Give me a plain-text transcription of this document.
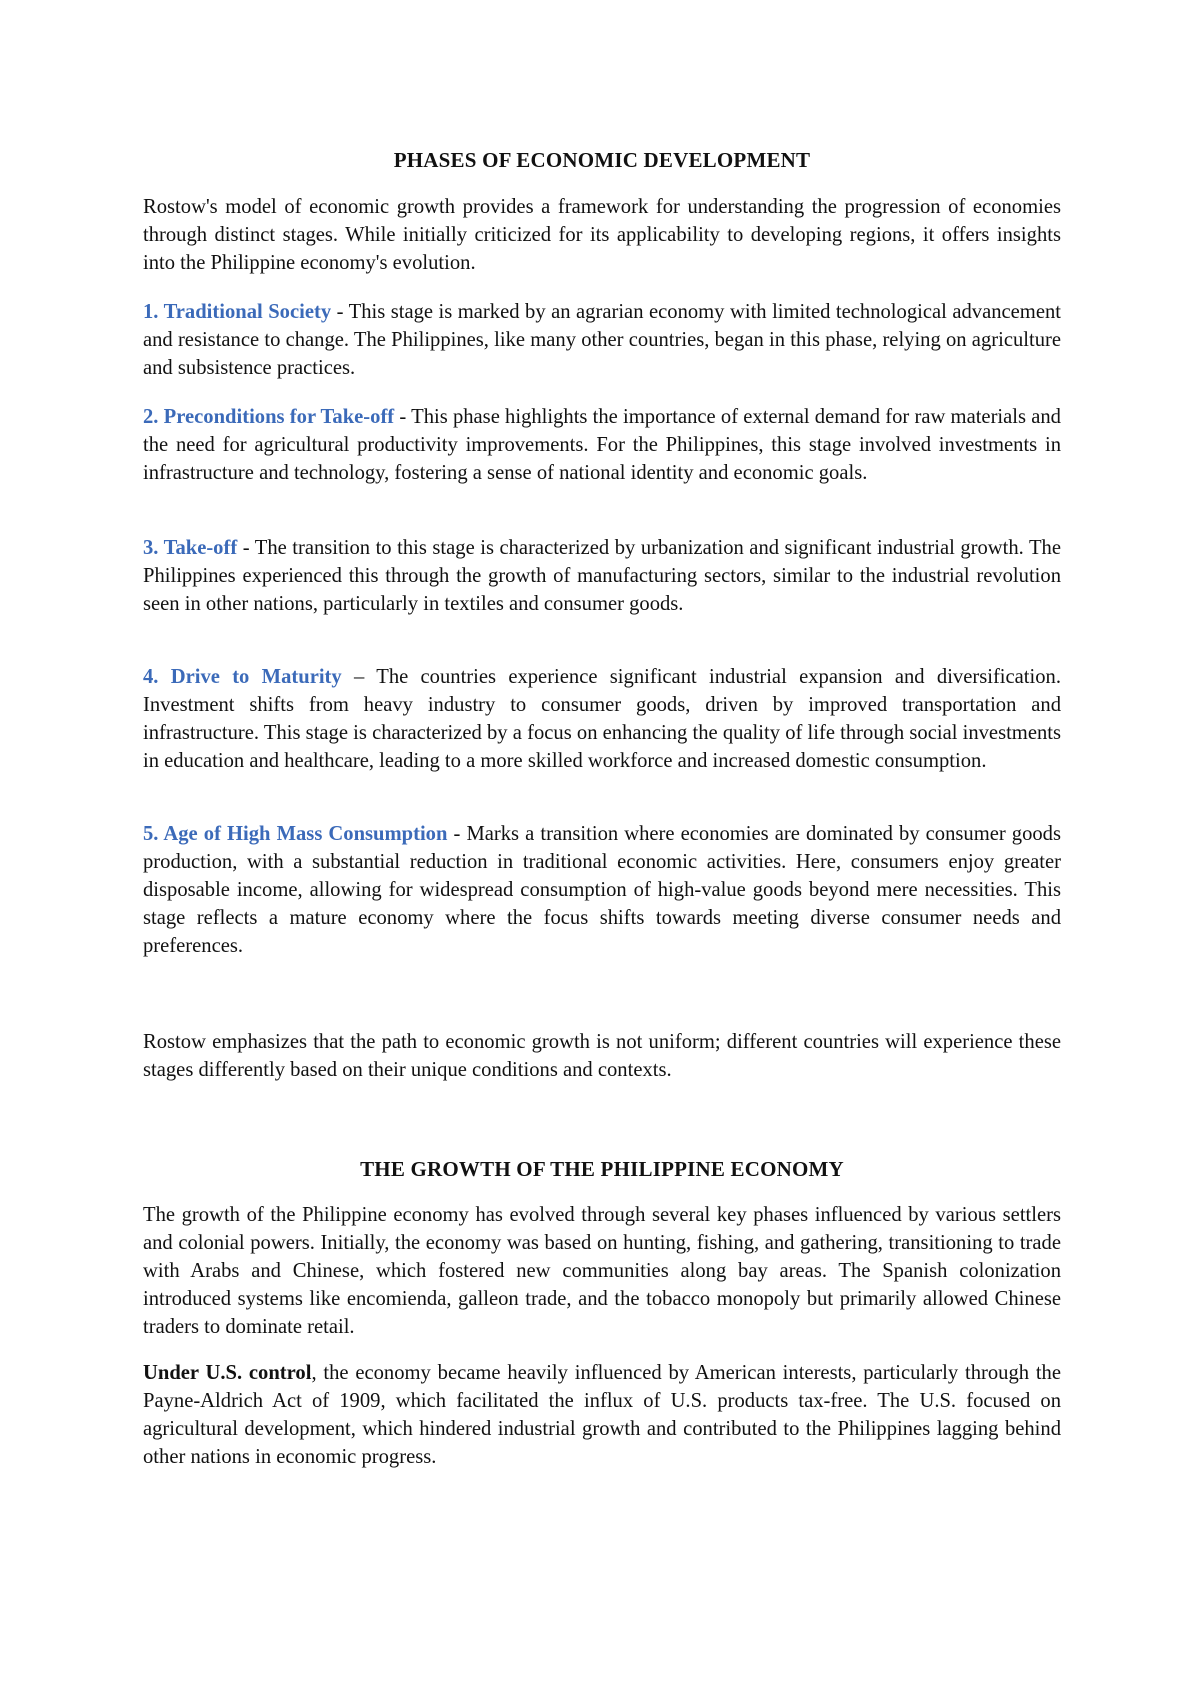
PHASES OF ECONOMIC DEVELOPMENT

Rostow's model of economic growth provides a framework for understanding the progression of economies through distinct stages. While initially criticized for its applicability to developing regions, it offers insights into the Philippine economy's evolution.

1. Traditional Society - This stage is marked by an agrarian economy with limited technological advancement and resistance to change. The Philippines, like many other countries, began in this phase, relying on agriculture and subsistence practices.

2. Preconditions for Take-off - This phase highlights the importance of external demand for raw materials and the need for agricultural productivity improvements. For the Philippines, this stage involved investments in infrastructure and technology, fostering a sense of national identity and economic goals.

3. Take-off - The transition to this stage is characterized by urbanization and significant industrial growth. The Philippines experienced this through the growth of manufacturing sectors, similar to the industrial revolution seen in other nations, particularly in textiles and consumer goods.

4. Drive to Maturity – The countries experience significant industrial expansion and diversification. Investment shifts from heavy industry to consumer goods, driven by improved transportation and infrastructure. This stage is characterized by a focus on enhancing the quality of life through social investments in education and healthcare, leading to a more skilled workforce and increased domestic consumption.

5. Age of High Mass Consumption - Marks a transition where economies are dominated by consumer goods production, with a substantial reduction in traditional economic activities. Here, consumers enjoy greater disposable income, allowing for widespread consumption of high-value goods beyond mere necessities. This stage reflects a mature economy where the focus shifts towards meeting diverse consumer needs and preferences.

Rostow emphasizes that the path to economic growth is not uniform; different countries will experience these stages differently based on their unique conditions and contexts.

THE GROWTH OF THE PHILIPPINE ECONOMY

The growth of the Philippine economy has evolved through several key phases influenced by various settlers and colonial powers. Initially, the economy was based on hunting, fishing, and gathering, transitioning to trade with Arabs and Chinese, which fostered new communities along bay areas. The Spanish colonization introduced systems like encomienda, galleon trade, and the tobacco monopoly but primarily allowed Chinese traders to dominate retail.

Under U.S. control, the economy became heavily influenced by American interests, particularly through the Payne-Aldrich Act of 1909, which facilitated the influx of U.S. products tax-free. The U.S. focused on agricultural development, which hindered industrial growth and contributed to the Philippines lagging behind other nations in economic progress.
